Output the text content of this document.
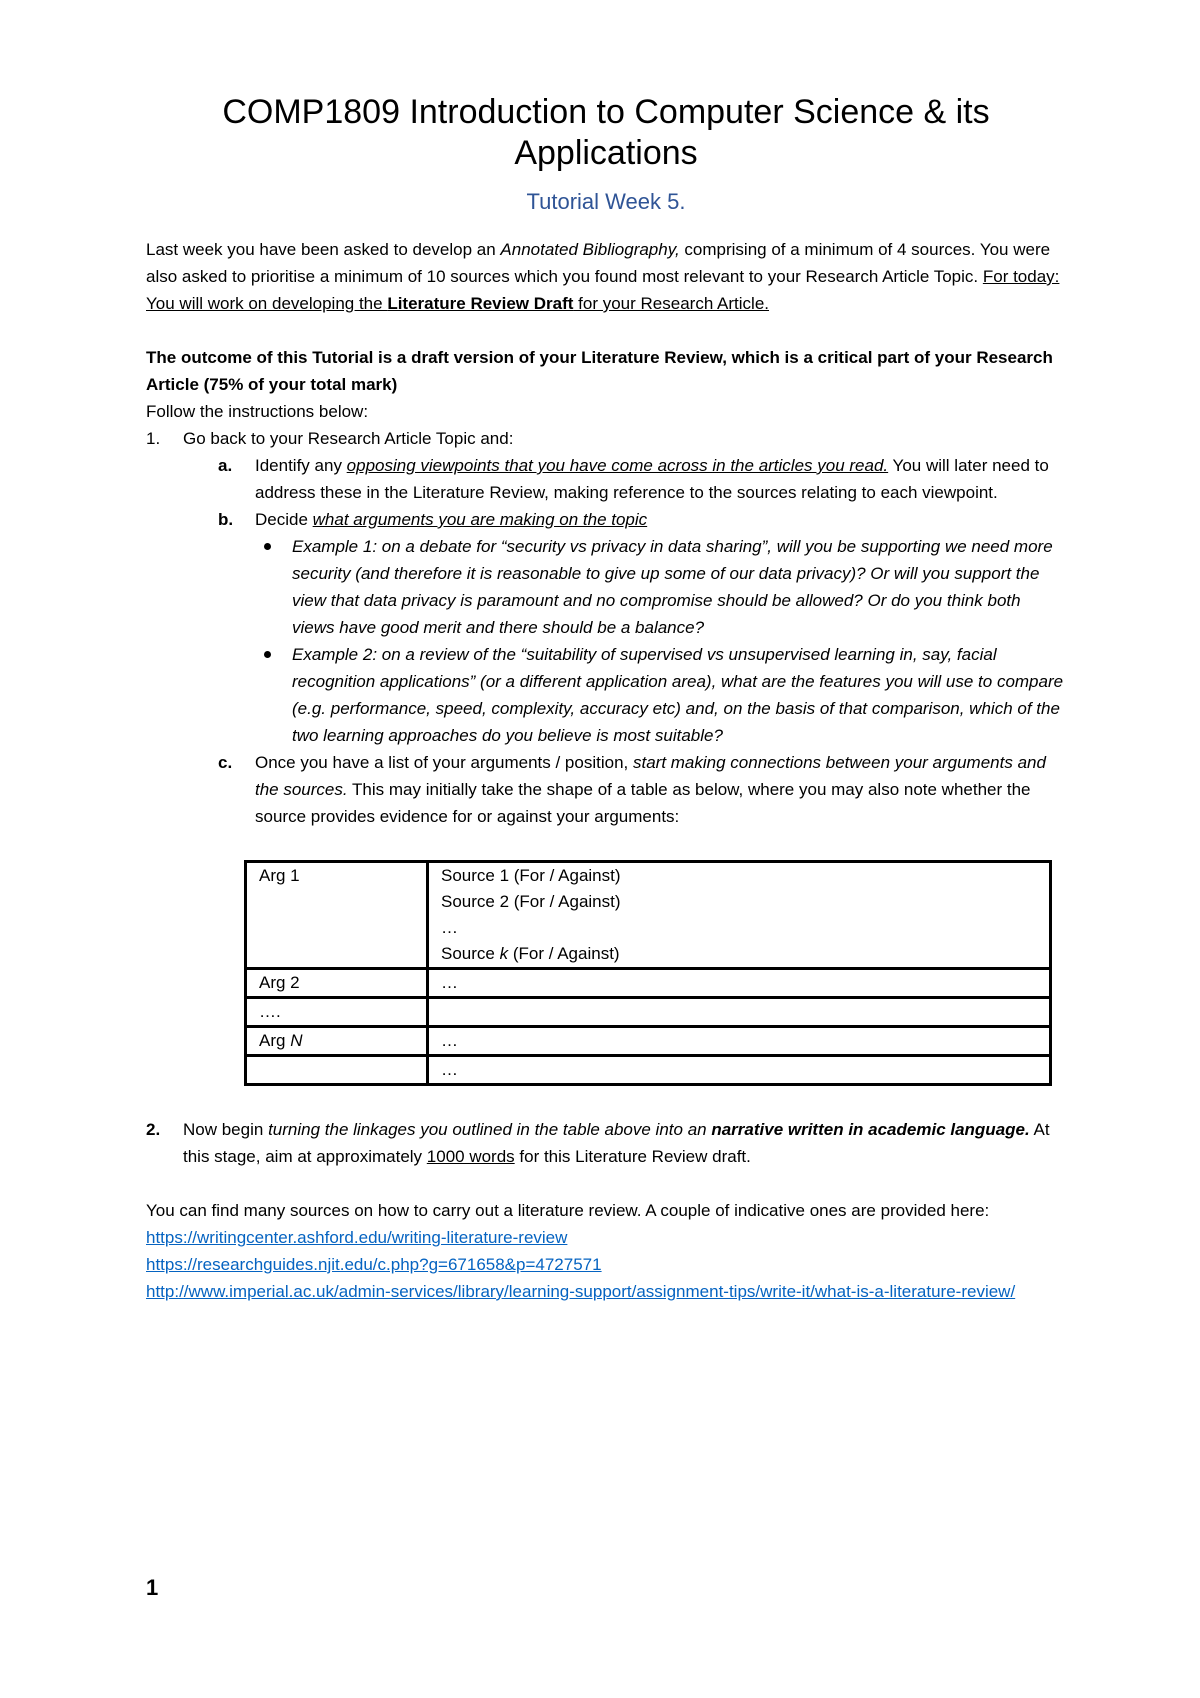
COMP1809 Introduction to Computer Science & its Applications
Tutorial Week 5.

Last week you have been asked to develop an Annotated Bibliography, comprising of a minimum of 4 sources. You were also asked to prioritise a minimum of 10 sources which you found most relevant to your Research Article Topic. For today: You will work on developing the Literature Review Draft for your Research Article.

The outcome of this Tutorial is a draft version of your Literature Review, which is a critical part of your Research Article (75% of your total mark)

Follow the instructions below:

1. Go back to your Research Article Topic and:
a. Identify any opposing viewpoints that you have come across in the articles you read. You will later need to address these in the Literature Review, making reference to the sources relating to each viewpoint.
b. Decide what arguments you are making on the topic
Example 1: on a debate for “security vs privacy in data sharing”, will you be supporting we need more security (and therefore it is reasonable to give up some of our data privacy)? Or will you support the view that data privacy is paramount and no compromise should be allowed? Or do you think both views have good merit and there should be a balance?
Example 2: on a review of the “suitability of supervised vs unsupervised learning in, say, facial recognition applications” (or a different application area), what are the features you will use to compare (e.g. performance, speed, complexity, accuracy etc) and, on the basis of that comparison, which of the two learning approaches do you believe is most suitable?
c. Once you have a list of your arguments / position, start making connections between your arguments and the sources. This may initially take the shape of a table as below, where you may also note whether the source provides evidence for or against your arguments:
Arg 1	Source 1 (For / Against)
Source 2 (For / Against)
…
Source k (For / Against)

Arg 2	…
….	
Arg N	…
	…
2. Now begin turning the linkages you outlined in the table above into an narrative written in academic language. At this stage, aim at approximately 1000 words for this Literature Review draft.

You can find many sources on how to carry out a literature review. A couple of indicative ones are provided here:

https://writingcenter.ashford.edu/writing-literature-review
https://researchguides.njit.edu/c.php?g=671658&p=4727571
http://www.imperial.ac.uk/admin-services/library/learning-support/assignment-tips/write-it/what-is-a-literature-review/
1
